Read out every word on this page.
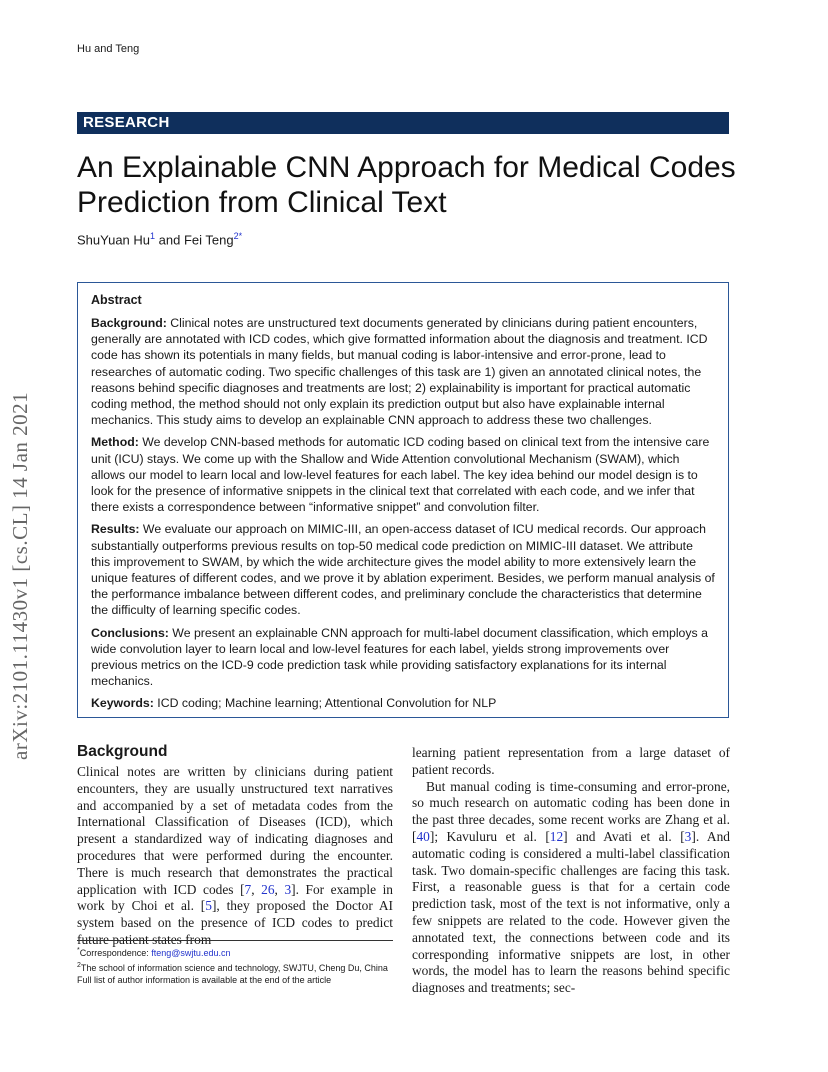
Hu and Teng
RESEARCH
An Explainable CNN Approach for Medical Codes
Prediction from Clinical Text
ShuYuan Hu$^1$ and Fei Teng$^{2*}$
arXiv:2101.11430v1 [cs.CL] 14 Jan 2021
Abstract

Background: Clinical notes are unstructured text documents generated by clinicians during patient encounters, generally are annotated with ICD codes, which give formatted information about the diagnosis and treatment. ICD code has shown its potentials in many fields, but manual coding is labor-intensive and error-prone, lead to researches of automatic coding. Two specific challenges of this task are 1) given an annotated clinical notes, the reasons behind specific diagnoses and treatments are lost; 2) explainability is important for practical automatic coding method, the method should not only explain its prediction output but also have explainable internal mechanics. This study aims to develop an explainable CNN approach to address these two challenges.

Method: We develop CNN-based methods for automatic ICD coding based on clinical text from the intensive care unit (ICU) stays. We come up with the Shallow and Wide Attention convolutional Mechanism (SWAM), which allows our model to learn local and low-level features for each label. The key idea behind our model design is to look for the presence of informative snippets in the clinical text that correlated with each code, and we infer that there exists a correspondence between “informative snippet” and convolution filter.

Results: We evaluate our approach on MIMIC-III, an open-access dataset of ICU medical records. Our approach substantially outperforms previous results on top-50 medical code prediction on MIMIC-III dataset. We attribute this improvement to SWAM, by which the wide architecture gives the model ability to more extensively learn the unique features of different codes, and we prove it by ablation experiment. Besides, we perform manual analysis of the performance imbalance between different codes, and preliminary conclude the characteristics that determine the difficulty of learning specific codes.

Conclusions: We present an explainable CNN approach for multi-label document classification, which employs a wide convolution layer to learn local and low-level features for each label, yields strong improvements over previous metrics on the ICD-9 code prediction task while providing satisfactory explanations for its internal mechanics.

Keywords: ICD coding; Machine learning; Attentional Convolution for NLP

Background

Clinical notes are written by clinicians during patient encounters, they are usually unstructured text narratives and accompanied by a set of metadata codes from the International Classification of Diseases (ICD), which present a standardized way of indicating diagnoses and procedures that were performed during the encounter. There is much research that demonstrates the practical application with ICD codes [7, 26, 3]. For example in work by Choi et al. [5], they proposed the Doctor AI system based on the presence of ICD codes to predict future patient states from

learning patient representation from a large dataset of patient records.

But manual coding is time-consuming and error-prone, so much research on automatic coding has been done in the past three decades, some recent works are Zhang et al. [40]; Kavuluru et al. [12] and Avati et al. [3]. And automatic coding is considered a multi-label classification task. Two domain-specific challenges are facing this task. First, a reasonable guess is that for a certain code prediction task, most of the text is not informative, only a few snippets are related to the code. However given the annotated text, the connections between code and its corresponding informative snippets are lost, in other words, the model has to learn the reasons behind specific diagnoses and treatments; sec-

*Correspondence: fteng@swjtu.edu.cn
$^2$The school of information science and technology, SWJTU, Cheng Du, China
Full list of author information is available at the end of the article
